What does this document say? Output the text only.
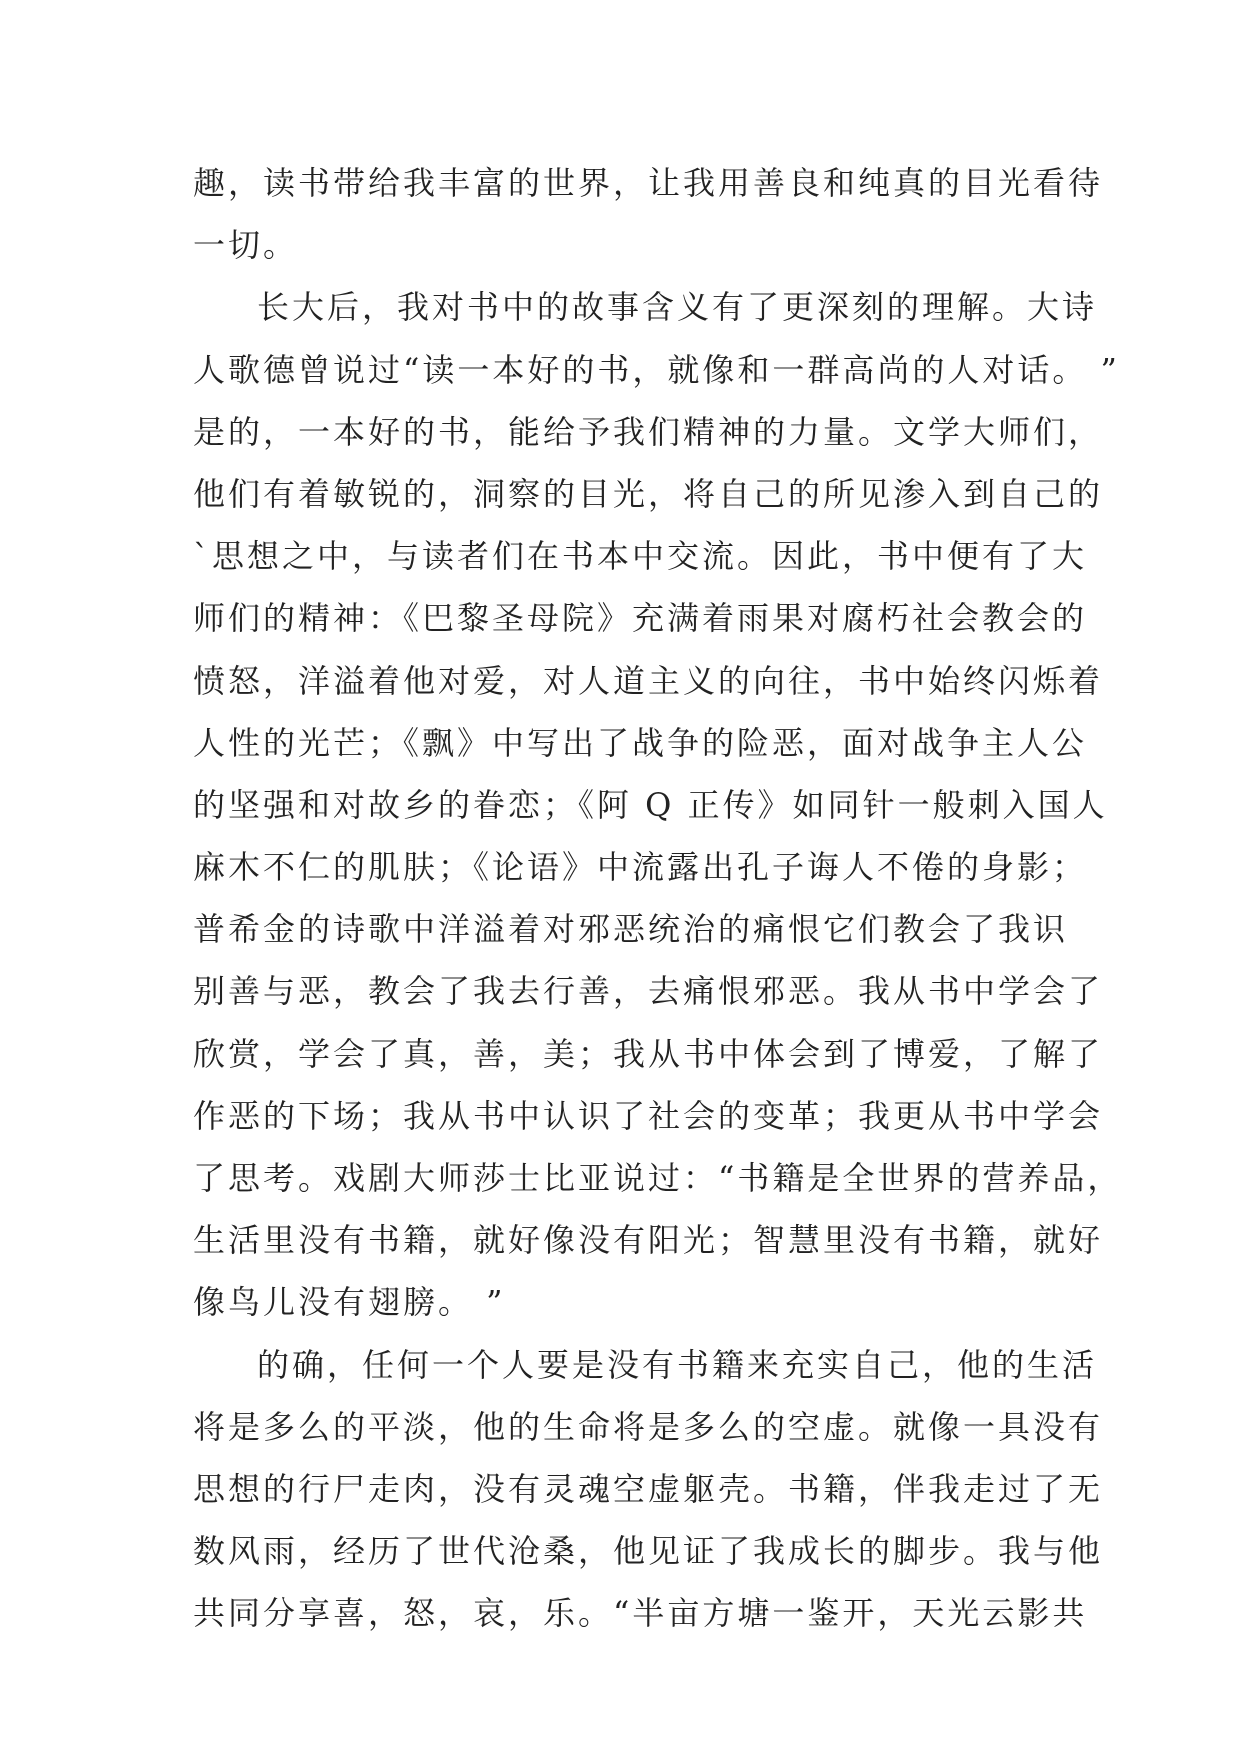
趣，读书带给我丰富的世界，让我用善良和纯真的目光看待
一切。
长大后，我对书中的故事含义有了更深刻的理解。大诗
人歌德曾说过“读一本好的书，就像和一群高尚的人对话。 ”
是的，一本好的书，能给予我们精神的力量。文学大师们，
他们有着敏锐的，洞察的目光，将自己的所见渗入到自己的
`思想之中，与读者们在书本中交流。因此，书中便有了大
师们的精神：《巴黎圣母院》充满着雨果对腐朽社会教会的
愤怒，洋溢着他对爱，对人道主义的向往，书中始终闪烁着
人性的光芒；《飘》中写出了战争的险恶，面对战争主人公
的坚强和对故乡的眷恋；《阿 Q 正传》如同针一般刺入国人
麻木不仁的肌肤；《论语》中流露出孔子诲人不倦的身影；
普希金的诗歌中洋溢着对邪恶统治的痛恨它们教会了我识
别善与恶，教会了我去行善，去痛恨邪恶。我从书中学会了
欣赏，学会了真，善，美；我从书中体会到了博爱，了解了
作恶的下场；我从书中认识了社会的变革；我更从书中学会
了思考。戏剧大师莎士比亚说过：“书籍是全世界的营养品，
生活里没有书籍，就好像没有阳光；智慧里没有书籍，就好
像鸟儿没有翅膀。 ”
的确，任何一个人要是没有书籍来充实自己，他的生活
将是多么的平淡，他的生命将是多么的空虚。就像一具没有
思想的行尸走肉，没有灵魂空虚躯壳。书籍，伴我走过了无
数风雨，经历了世代沧桑，他见证了我成长的脚步。我与他
共同分享喜，怒，哀，乐。“半亩方塘一鉴开，天光云影共
